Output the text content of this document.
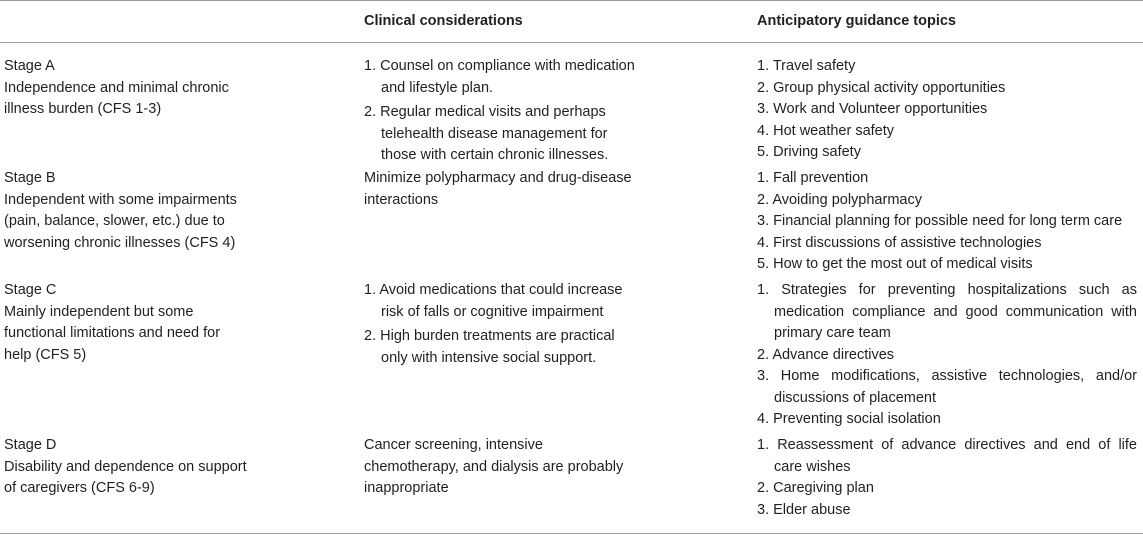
Clinical considerations	Anticipatory guidance topics
Stage A
Independence and minimal chronic
illness burden (CFS 1-3)
1. Counsel on compliance with medication
and lifestyle plan.
2. Regular medical visits and perhaps
telehealth disease management for
those with certain chronic illnesses.
1. Travel safety
2. Group physical activity opportunities
3. Work and Volunteer opportunities
4. Hot weather safety
5. Driving safety
Stage B
Independent with some impairments
(pain, balance, slower, etc.) due to
worsening chronic illnesses (CFS 4)
Minimize polypharmacy and drug-disease
interactions
1. Fall prevention
2. Avoiding polypharmacy
3. Financial planning for possible need for long term care
4. First discussions of assistive technologies
5. How to get the most out of medical visits
Stage C
Mainly independent but some
functional limitations and need for
help (CFS 5)
1. Avoid medications that could increase
risk of falls or cognitive impairment
2. High burden treatments are practical
only with intensive social support.
1. Strategies for preventing hospitalizations such as
medication compliance and good communication with
primary care team
2. Advance directives
3. Home modifications, assistive technologies, and/or
discussions of placement
4. Preventing social isolation
Stage D
Disability and dependence on support
of caregivers (CFS 6-9)
Cancer screening, intensive
chemotherapy, and dialysis are probably
inappropriate
1. Reassessment of advance directives and end of life
care wishes
2. Caregiving plan
3. Elder abuse
